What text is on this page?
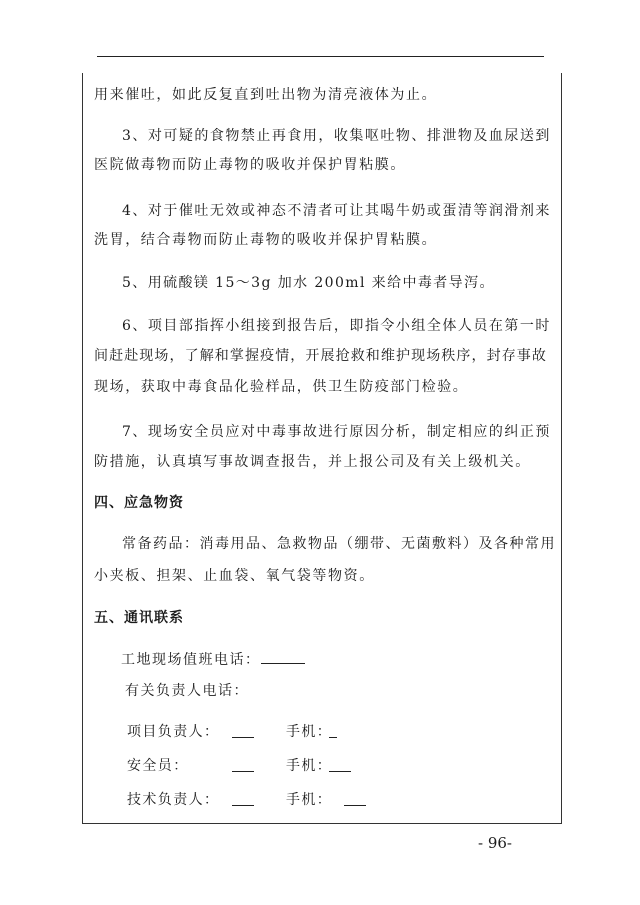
用来催吐，如此反复直到吐出物为清亮液体为止。
3、对可疑的食物禁止再食用，收集呕吐物、排泄物及血尿送到
医院做毒物而防止毒物的吸收并保护胃粘膜。
4、对于催吐无效或神态不清者可让其喝牛奶或蛋清等润滑剂来
洗胃，结合毒物而防止毒物的吸收并保护胃粘膜。
5、用硫酸镁 15～3g 加水 200ml 来给中毒者导泻。
6、项目部指挥小组接到报告后，即指令小组全体人员在第一时
间赶赴现场，了解和掌握疫情，开展抢救和维护现场秩序，封存事故
现场，获取中毒食品化验样品，供卫生防疫部门检验。
7、现场安全员应对中毒事故进行原因分析，制定相应的纠正预
防措施，认真填写事故调查报告，并上报公司及有关上级机关。
四、应急物资
常备药品：消毒用品、急救物品（绷带、无菌敷料）及各种常用
小夹板、担架、止血袋、氧气袋等物资。
五、通讯联系
工地现场值班电话：
有关负责人电话：
项目负责人：	手机：
安全员：	手机：
技术负责人：	手机：
- 96-
